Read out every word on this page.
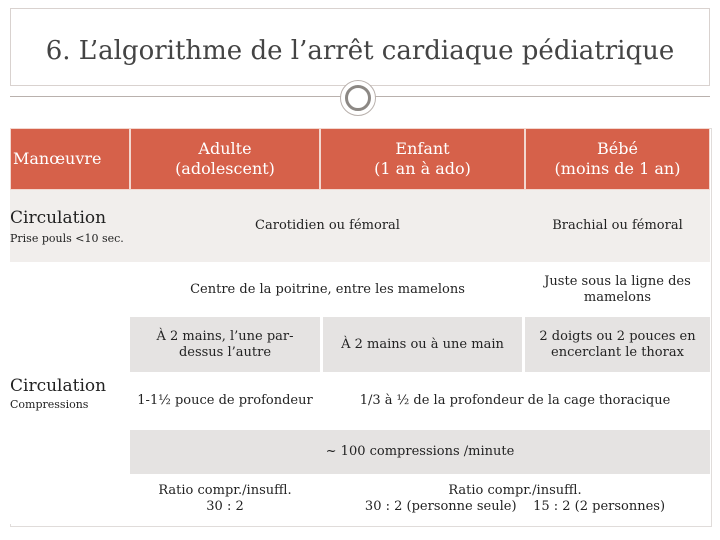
6. L’algorithme de l’arrêt cardiaque pédiatrique
Manœuvre
Adulte
(adolescent)
Enfant
(1 an à ado)
Bébé
(moins de 1 an)
Circulation
Prise pouls <10 sec.
Carotidien ou fémoral	Brachial ou fémoral
Circulation
Compressions
Centre de la poitrine, entre les mamelons
Juste sous la ligne des mamelons
À 2 mains, l’une par-dessus l’autre
À 2 mains ou à une main
2 doigts ou 2 pouces en encerclant le thorax
1-1½ pouce de profondeur	1/3 à ½ de la profondeur de la cage thoracique
~ 100 compressions /minute
Ratio compr./insuffl.
30 : 2
Ratio compr./insuffl.
30 : 2 (personne seule) 15 : 2 (2 personnes)
